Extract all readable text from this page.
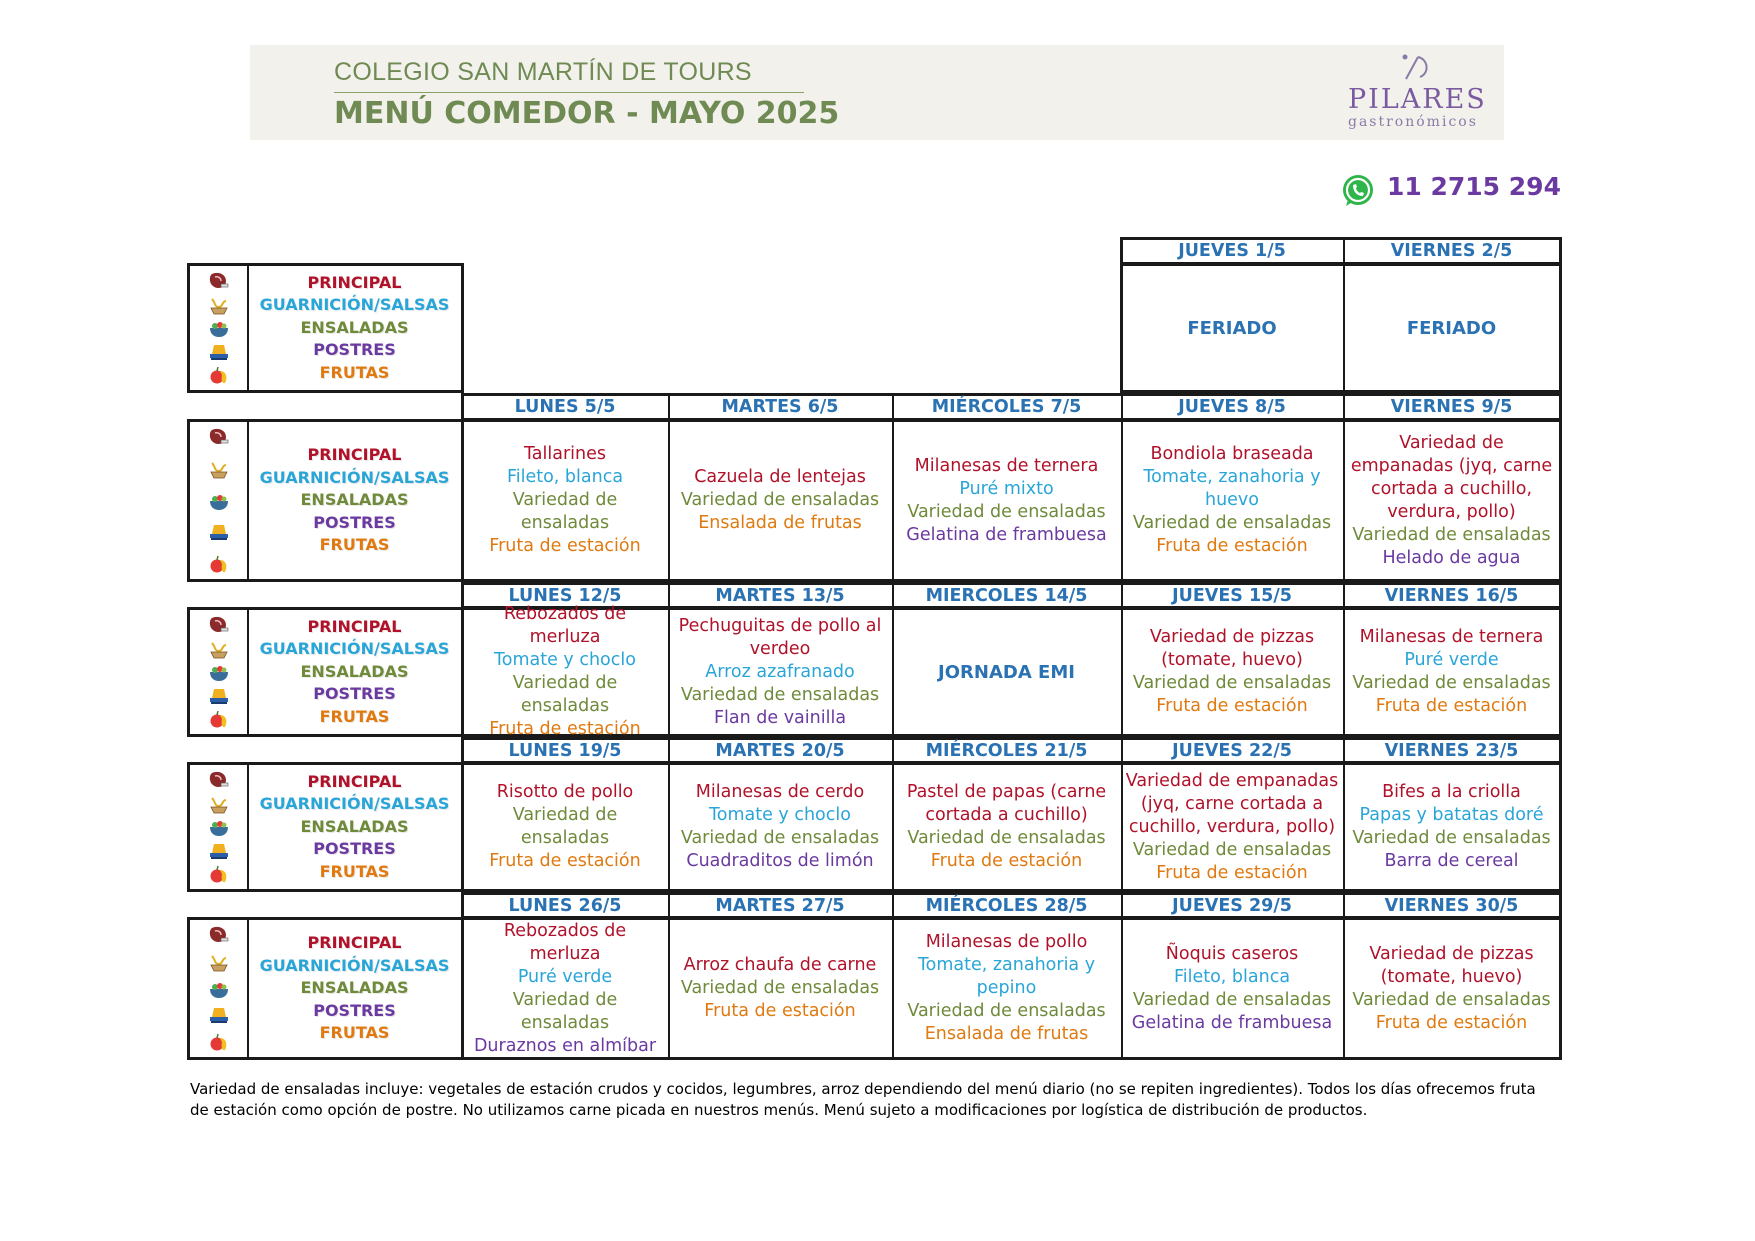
COLEGIO SAN MARTÍN DE TOURS
MENÚ COMEDOR - MAYO 2025	PILARES
gastronómicos
11 2715 294
PRINCIPAL
GUARNICIÓN/SALSAS
ENSALADAS
POSTRES
FRUTAS
JUEVES 1/5
FERIADO
VIERNES 2/5
FERIADO
PRINCIPAL
GUARNICIÓN/SALSAS
ENSALADAS
POSTRES
FRUTAS
LUNES 5/5
Tallarines
Fileto, blanca
Variedad de ensaladas
Fruta de estación
MARTES 6/5
Cazuela de lentejas
Variedad de ensaladas
Ensalada de frutas
MIÉRCOLES 7/5
Milanesas de ternera
Puré mixto
Variedad de ensaladas
Gelatina de frambuesa
JUEVES 8/5
Bondiola braseada
Tomate, zanahoria y huevo
Variedad de ensaladas
Fruta de estación
VIERNES 9/5
Variedad de empanadas (jyq, carne cortada a cuchillo, verdura, pollo)
Variedad de ensaladas
Helado de agua
PRINCIPAL
GUARNICIÓN/SALSAS
ENSALADAS
POSTRES
FRUTAS
LUNES 12/5
Rebozados de merluza
Tomate y choclo
Variedad de ensaladas
Fruta de estación
MARTES 13/5
Pechuguitas de pollo al verdeo
Arroz azafranado
Variedad de ensaladas
Flan de vainilla
MIERCOLES 14/5
JORNADA EMI
JUEVES 15/5
Variedad de pizzas (tomate, huevo)
Variedad de ensaladas
Fruta de estación
VIERNES 16/5
Milanesas de ternera
Puré verde
Variedad de ensaladas
Fruta de estación
PRINCIPAL
GUARNICIÓN/SALSAS
ENSALADAS
POSTRES
FRUTAS
LUNES 19/5
Risotto de pollo
Variedad de ensaladas
Fruta de estación
MARTES 20/5
Milanesas de cerdo
Tomate y choclo
Variedad de ensaladas
Cuadraditos de limón
MIÉRCOLES 21/5
Pastel de papas (carne cortada a cuchillo)
Variedad de ensaladas
Fruta de estación
JUEVES 22/5
Variedad de empanadas (jyq, carne cortada a cuchillo, verdura, pollo)
Variedad de ensaladas
Fruta de estación
VIERNES 23/5
Bifes a la criolla
Papas y batatas doré
Variedad de ensaladas
Barra de cereal
PRINCIPAL
GUARNICIÓN/SALSAS
ENSALADAS
POSTRES
FRUTAS
LUNES 26/5
Rebozados de merluza
Puré verde
Variedad de ensaladas
Duraznos en almíbar
MARTES 27/5
Arroz chaufa de carne
Variedad de ensaladas
Fruta de estación
MIÉRCOLES 28/5
Milanesas de pollo
Tomate, zanahoria y pepino
Variedad de ensaladas
Ensalada de frutas
JUEVES 29/5
Ñoquis caseros
Fileto, blanca
Variedad de ensaladas
Gelatina de frambuesa
VIERNES 30/5
Variedad de pizzas (tomate, huevo)
Variedad de ensaladas
Fruta de estación
Variedad de ensaladas incluye: vegetales de estación crudos y cocidos, legumbres, arroz dependiendo del menú diario (no se repiten ingredientes). Todos los días ofrecemos fruta de estación como opción de postre. No utilizamos carne picada en nuestros menús. Menú sujeto a modificaciones por logística de distribución de productos.
